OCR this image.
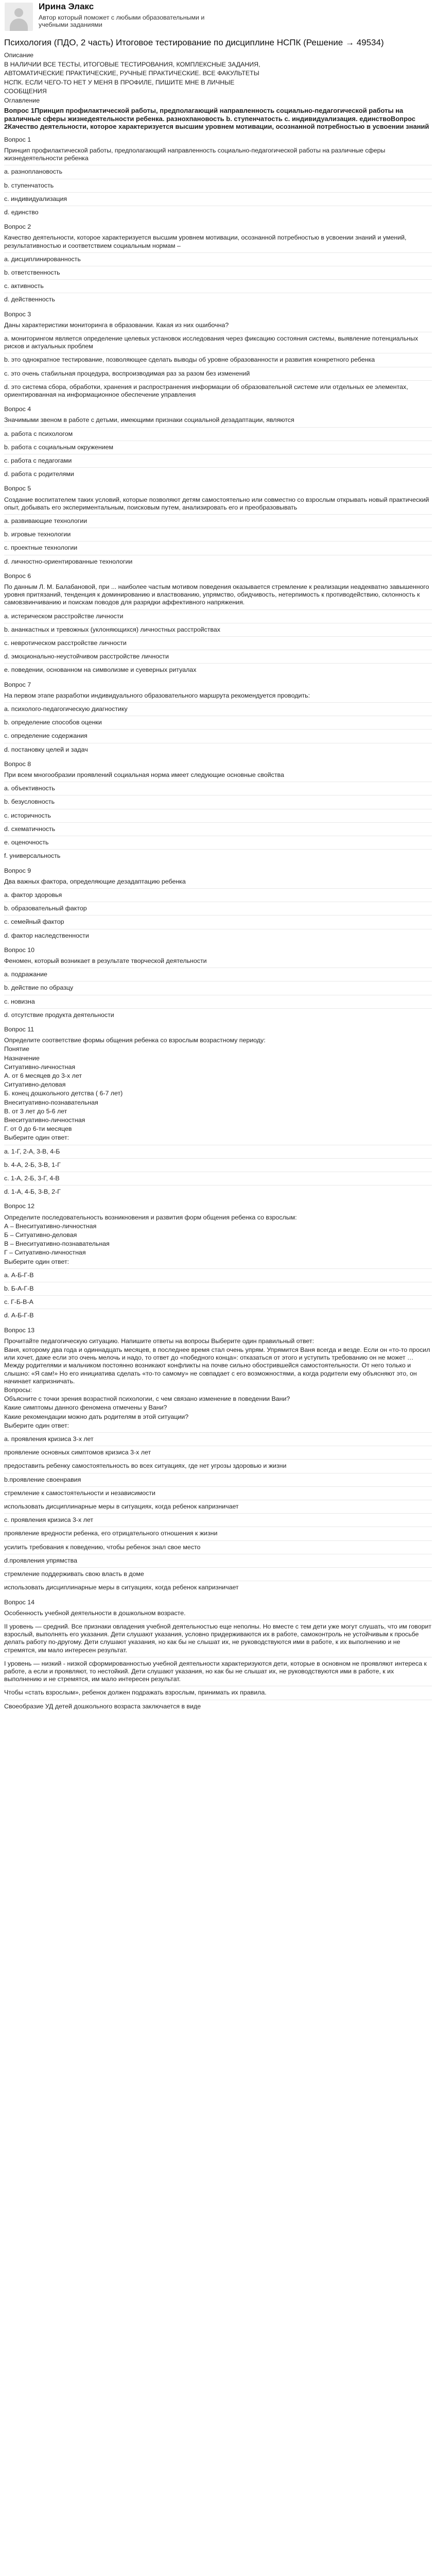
Ирина Элакс
Автор который поможет с любыми образовательными и учебными заданиями
Психология (ПДО, 2 часть) Итоговое тестирование по дисциплине НСПК (Решение → 49534)
Описание
В НАЛИЧИИ ВСЕ ТЕСТЫ, ИТОГОВЫЕ ТЕСТИРОВАНИЯ, КОМПЛЕКСНЫЕ ЗАДАНИЯ,
АВТОМАТИЧЕСКИЕ ПРАКТИЧЕСКИЕ, РУЧНЫЕ ПРАКТИЧЕСКИЕ. ВСЕ ФАКУЛЬТЕТЫ
НСПК. ЕСЛИ ЧЕГО-ТО НЕТ У МЕНЯ В ПРОФИЛЕ, ПИШИТЕ МНЕ В ЛИЧНЫЕ
СООБЩЕНИЯ
Оглавление
Вопрос 1Принцип профилактической работы, предполагающий направленность социально-педагогической работы на различные сферы жизнедеятельности ребенка. разнохпановость b. ступенчатость c. индивидуализация. единствоВопрос 2Качество деятельности, которое характеризуется высшим уровнем мотивации, осознанной потребностью в усвоении знаний
Вопрос 1

Принцип профилактической работы, предполагающий направленность социально-педагогической работы на различные сферы жизнедеятельности ребенка

a. разноплановость
b. ступенчатость
c. индивидуализация
d. единство
Вопрос 2

Качество деятельности, которое характеризуется высшим уровнем мотивации, осознанной потребностью в усвоении знаний и умений, результативностью и соответствием социальным нормам –

a. дисциплинированность
b. ответственность
c. активность
d. действенность
Вопрос 3

Даны характеристики мониторинга в образовании. Какая из них ошибочна?

a. мониторингом является определение целевых установок исследования через фиксацию состояния системы, выявление потенциальных рисков и актуальных проблем
b. это однократное тестирование, позволяющее сделать выводы об уровне образованности и развития конкретного ребенка
c. это очень стабильная процедура, воспроизводимая раз за разом без изменений
d. это система сбора, обработки, хранения и распространения информации об образовательной системе или отдельных ее элементах, ориентированная на информационное обеспечение управления
Вопрос 4

Значимыми звеном в работе с детьми, имеющими признаки социальной дезадаптации, являются

a. работа с психологом
b. работа с социальным окружением
c. работа с педагогами
d. работа с родителями
Вопрос 5

Создание воспитателем таких условий, которые позволяют детям самостоятельно или совместно со взрослым открывать новый практический опыт, добывать его экспериментальным, поисковым путем, анализировать его и преобразовывать

a. развивающие технологии
b. игровые технологии
c. проектные технологии
d. личностно-ориентированные технологии
Вопрос 6

По данным Л. М. Балабановой, при ... наиболее частым мотивом поведения оказывается стремление к реализации неадекватно завышенного уровня притязаний, тенденция к доминированию и властвованию, упрямство, обидчивость, нетерпимость к противодействию, склонность к самовзвинчиванию и поискам поводов для разрядки аффективного напряжения.

a. истерическом расстройстве личности
b. ананкастных и тревожных (уклоняющихся) личностных расстройствах
c. невротическом расстройстве личности
d. эмоционально-неустойчивом расстройстве личности
e. поведении, основанном на символизме и суеверных ритуалах
Вопрос 7

На первом этапе разработки индивидуального образовательного маршрута рекомендуется проводить:

a. психолого-педагогическую диагностику
b. определение способов оценки
c. определение содержания
d. постановку целей и задач
Вопрос 8

При всем многообразии проявлений социальная норма имеет следующие основные свойства

a. объективность
b. безусловность
c. историчность
d. схематичность
e. оценочность
f. универсальность
Вопрос 9

Два важных фактора, определяющие дезадаптацию ребенка

a. фактор здоровья
b. образовательный фактор
c. семейный фактор
d. фактор наследственности
Вопрос 10

Феномен, который возникает в результате творческой деятельности

a. подражание
b. действие по образцу
c. новизна
d. отсутствие продукта деятельности
Вопрос 11

Определите соответствие формы общения ребенка со взрослым возрастному периоду:

Понятие

Назначение

Ситуативно-личностная

A. от 6 месяцев до 3-х лет

Ситуативно-деловая

Б. конец дошкольного детства ( 6-7 лет)

Внеситуативно-познавательная

В. от 3 лет до 5-6 лет

Внеситуативно-личностная

Г. от 0 до 6-ти месяцев

Выберите один ответ:

a. 1-Г, 2-А, 3-В, 4-Б
b. 4-А, 2-Б, 3-В, 1-Г
c. 1-А, 2-Б, 3-Г, 4-В
d. 1-А, 4-Б, 3-В, 2-Г
Вопрос 12

Определите последовательность возникновения и развития форм общения ребенка со взрослым:

А – Внеситуативно-личностная

Б – Ситуативно-деловая

В – Внеситуативно-познавательная

Г – Ситуативно-личностная

Выберите один ответ:

a. А-Б-Г-В
b. Б-А-Г-В
c. Г-Б-В-А
d. А-Б-Г-В
Вопрос 13

Прочитайте педагогическую ситуацию. Напишите ответы на вопросы Выберите один правильный ответ:

Ваня, которому два года и одиннадцать месяцев, в последнее время стал очень упрям. Упрямится Ваня всегда и везде. Если он «то-то просил или хочет, даже если это очень мелочь и надо, то ответ до «победного конца»: отказаться от этого и уступить требованию он не может … Между родителями и мальчиком постоянно возникают конфликты на почве сильно обострившейся самостоятельности. От него только и слышно: «Я сам!» Но его инициатива сделать «то-то самому» не совпадает с его возможностями, а когда родители ему объясняют это, он начинает капризничать.

Вопросы:

Объясните с точки зрения возрастной психологии, с чем связано изменение в поведении Вани?

Какие симптомы данного феномена отмечены у Вани?

Какие рекомендации можно дать родителям в этой ситуации?

Выберите один ответ:

a. проявления кризиса 3-х лет
проявление основных симптомов кризиса 3-х лет
предоставить ребенку самостоятельность во всех ситуациях, где нет угрозы здоровью и жизни
b.проявление своенравия
стремление к самостоятельности и независимости
использовать дисциплинарные меры в ситуациях, когда ребенок капризничает
c. проявления кризиса 3-х лет
проявление вредности ребенка, его отрицательного отношения к жизни
усилить требования к поведению, чтобы ребенок знал свое место
d.проявления упрямства
стремление поддерживать свою власть в доме
использовать дисциплинарные меры в ситуациях, когда ребенок капризничает
Вопрос 14

Особенность учебной деятельности в дошкольном возрасте.

II уровень — средний. Все признаки овладения учебной деятельностью еще неполны. Но вместе с тем дети уже могут слушать, что им говорит взрослый, выполнять его указания. Дети слушают указания, условно придерживаются их в работе, самоконтроль не устойчивым к просьбе делать работу по-другому. Дети слушают указания, но как бы не слышат их, не руководствуются ими в работе, к их выполнению и не стремятся, им мало интересен результат.
I уровень — низкий - низкой сформированностью учебной деятельности характеризуются дети, которые в основном не проявляют интереса к работе, а если и проявляют, то нестойкий. Дети слушают указания, но как бы не слышат их, не руководствуются ими в работе, к их выполнению и не стремятся, им мало интересен результат.
Чтобы «стать взрослым», ребенок должен подражать взрослым, принимать их правила.
Своеобразие УД детей дошкольного возраста заключается в виде
